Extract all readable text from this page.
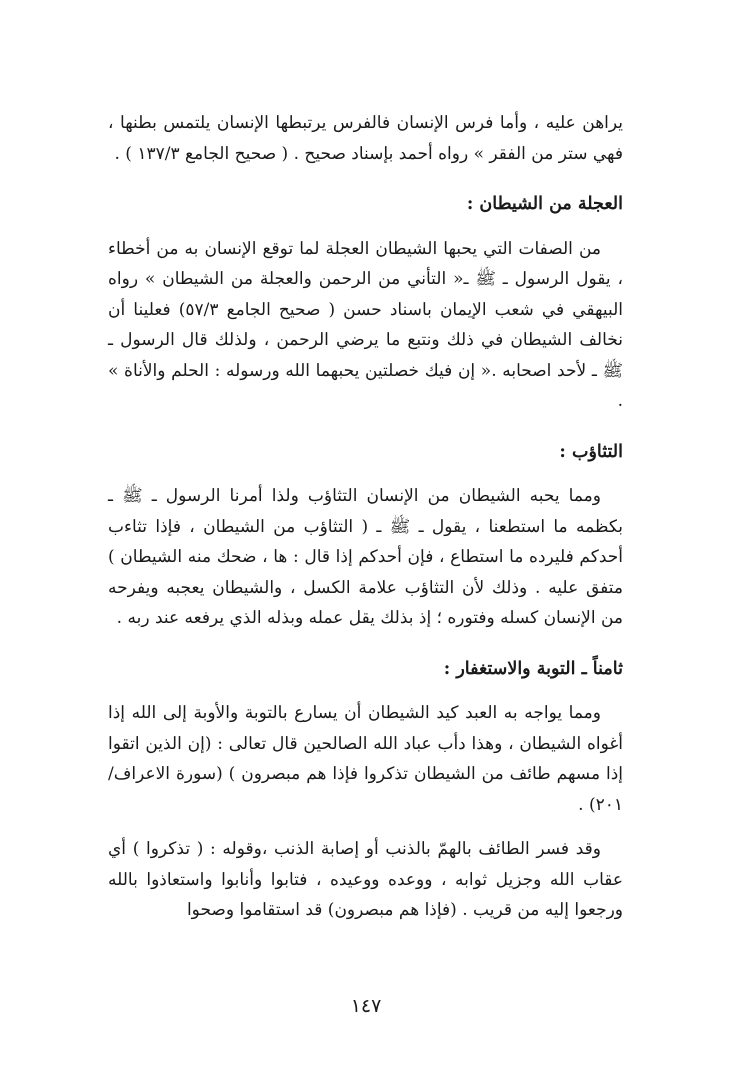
يراهن عليه ، وأما فرس الإنسان فالفرس يرتبطها الإنسان يلتمس بطنها ، فهي ستر من الفقر » رواه أحمد بإسناد صحيح . ( صحيح الجامع ١٣٧/٣ ) .

العجلة من الشيطان :

من الصفات التي يحبها الشيطان العجلة لما توقع الإنسان به من أخطاء ، يقول الرسول ـ ﷺ ـ« التأني من الرحمن والعجلة من الشيطان » رواه البيهقي في شعب الإيمان باسناد حسن ( صحيح الجامع ٥٧/٣) فعلينا أن نخالف الشيطان في ذلك ونتبع ما يرضي الرحمن ، ولذلك قال الرسول ـ ﷺ ـ لأحد اصحابه .« إن فيك خصلتين يحبهما الله ورسوله : الحلم والأناة » .

التثاؤب :

ومما يحبه الشيطان من الإنسان التثاؤب ولذا أمرنا الرسول ـ ﷺ ـ بكظمه ما استطعنا ، يقول ـ ﷺ ـ ( التثاؤب من الشيطان ، فإذا تثاءب أحدكم فليرده ما استطاع ، فإن أحدكم إذا قال : ها ، ضحك منه الشيطان ) متفق عليه . وذلك لأن التثاؤب علامة الكسل ، والشيطان يعجبه ويفرحه من الإنسان كسله وفتوره ؛ إذ بذلك يقل عمله وبذله الذي يرفعه عند ربه .

ثامناً ـ التوبة والاستغفار :

ومما يواجه به العبد كيد الشيطان أن يسارع بالتوبة والأوبة إلى الله إذا أغواه الشيطان ، وهذا دأب عباد الله الصالحين قال تعالى : (إن الذين اتقوا إذا مسهم طائف من الشيطان تذكروا فإذا هم مبصرون ) (سورة الاعراف/ ٢٠١) .

وقد فسر الطائف بالهمّ بالذنب أو إصابة الذنب ،وقوله : ( تذكروا ) أي عقاب الله وجزيل ثوابه ، ووعده ووعيده ، فتابوا وأنابوا واستعاذوا بالله ورجعوا إليه من قريب . (فإذا هم مبصرون) قد استقاموا وصحوا

١٤٧
